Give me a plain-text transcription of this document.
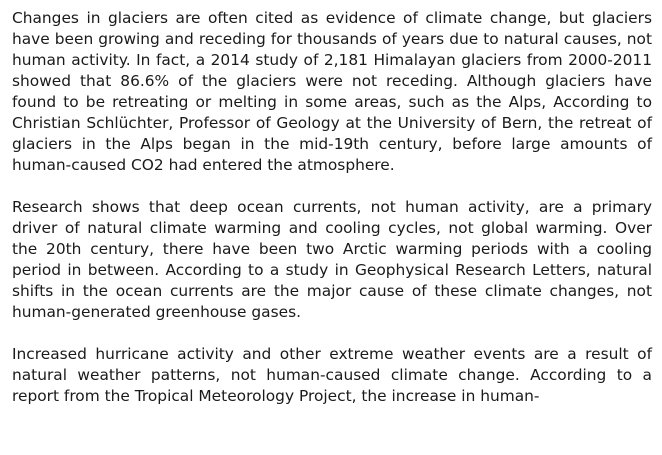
Changes in glaciers are often cited as evidence of climate change, but glaciers have been growing and receding for thousands of years due to natural causes, not human activity. In fact, a 2014 study of 2,181 Himalayan glaciers from 2000-2011 showed that 86.6% of the glaciers were not receding. Although glaciers have found to be retreating or melting in some areas, such as the Alps, According to Christian Schlüchter, Professor of Geology at the University of Bern, the retreat of glaciers in the Alps began in the mid-19th century, before large amounts of human-caused CO2 had entered the atmosphere.

Research shows that deep ocean currents, not human activity, are a primary driver of natural climate warming and cooling cycles, not global warming. Over the 20th century, there have been two Arctic warming periods with a cooling period in between. According to a study in Geophysical Research Letters, natural shifts in the ocean currents are the major cause of these climate changes, not human-generated greenhouse gases.

Increased hurricane activity and other extreme weather events are a result of natural weather patterns, not human-caused climate change. According to a report from the Tropical Meteorology Project, the increase in human-
